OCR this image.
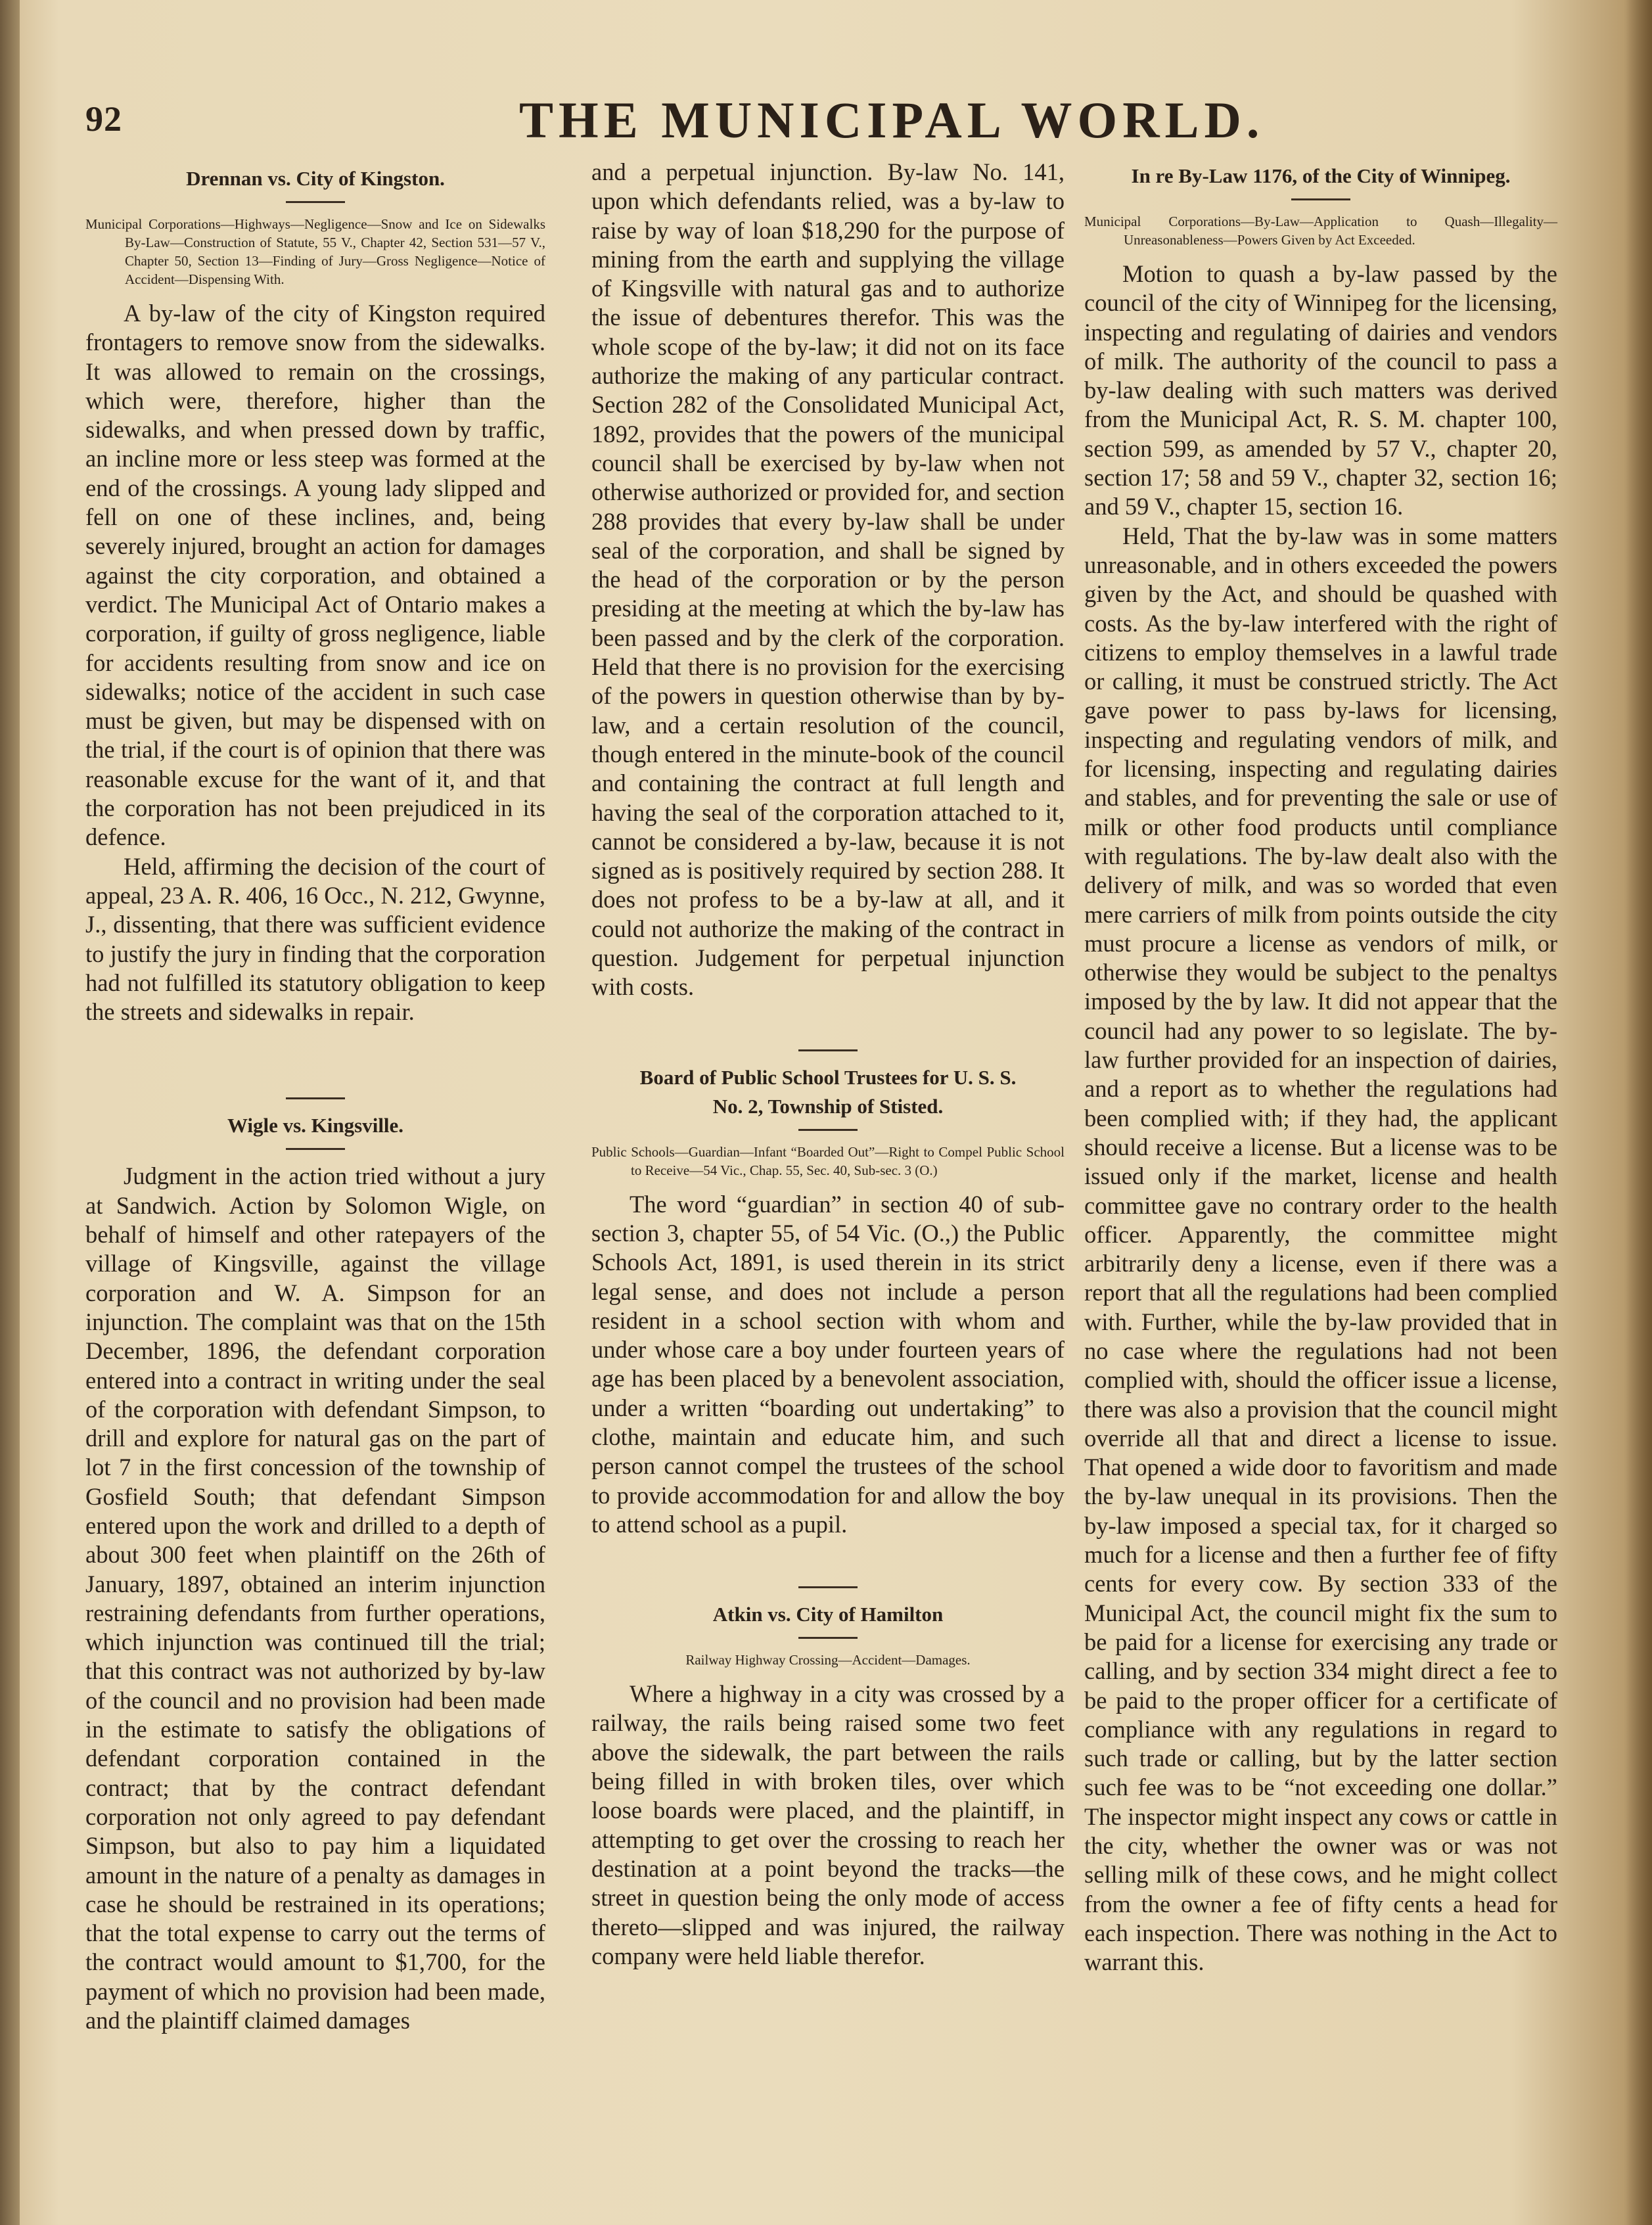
92	THE MUNICIPAL WORLD.
Drennan vs. City of Kingston.

Municipal Corporations—Highways—Negligence—Snow and Ice on Sidewalks By-Law—Construction of Statute, 55 V., Chapter 42, Section 531—57 V., Chapter 50, Section 13—Finding of Jury—Gross Negligence—Notice of Accident—Dispensing With.

A by-law of the city of Kingston required frontagers to remove snow from the sidewalks. It was allowed to remain on the crossings, which were, therefore, higher than the sidewalks, and when pressed down by traffic, an incline more or less steep was formed at the end of the crossings. A young lady slipped and fell on one of these inclines, and, being severely injured, brought an action for damages against the city corporation, and obtained a verdict. The Municipal Act of Ontario makes a corporation, if guilty of gross negligence, liable for accidents resulting from snow and ice on sidewalks; notice of the accident in such case must be given, but may be dispensed with on the trial, if the court is of opinion that there was reasonable excuse for the want of it, and that the corporation has not been prejudiced in its defence.

Held, affirming the decision of the court of appeal, 23 A. R. 406, 16 Occ., N. 212, Gwynne, J., dissenting, that there was sufficient evidence to justify the jury in finding that the corporation had not fulfilled its statutory obligation to keep the streets and sidewalks in repair.

Wigle vs. Kingsville.

Judgment in the action tried without a jury at Sandwich. Action by Solomon Wigle, on behalf of himself and other ratepayers of the village of Kingsville, against the village corporation and W. A. Simpson for an injunction. The complaint was that on the 15th December, 1896, the defendant corporation entered into a contract in writing under the seal of the corporation with defendant Simpson, to drill and explore for natural gas on the part of lot 7 in the first concession of the township of Gosfield South; that defendant Simpson entered upon the work and drilled to a depth of about 300 feet when plaintiff on the 26th of January, 1897, obtained an interim injunction restraining defendants from further operations, which injunction was continued till the trial; that this contract was not authorized by by-law of the council and no provision had been made in the estimate to satisfy the obligations of defendant corporation contained in the contract; that by the contract defendant corporation not only agreed to pay defendant Simpson, but also to pay him a liquidated amount in the nature of a penalty as damages in case he should be restrained in its operations; that the total expense to carry out the terms of the contract would amount to $1,700, for the payment of which no provision had been made, and the plaintiff claimed damages

and a perpetual injunction. By-law No. 141, upon which defendants relied, was a by-law to raise by way of loan $18,290 for the purpose of mining from the earth and supplying the village of Kingsville with natural gas and to authorize the issue of debentures therefor. This was the whole scope of the by-law; it did not on its face authorize the making of any particular contract. Section 282 of the Consolidated Municipal Act, 1892, provides that the powers of the municipal council shall be exercised by by-law when not otherwise authorized or provided for, and section 288 provides that every by-law shall be under seal of the corporation, and shall be signed by the head of the corporation or by the person presiding at the meeting at which the by-law has been passed and by the clerk of the corporation. Held that there is no provision for the exercising of the powers in question otherwise than by by-law, and a certain resolution of the council, though entered in the minute-book of the council and containing the contract at full length and having the seal of the corporation attached to it, cannot be considered a by-law, because it is not signed as is positively required by section 288. It does not profess to be a by-law at all, and it could not authorize the making of the contract in question. Judgement for perpetual injunction with costs.

Board of Public School Trustees for U. S. S.
No. 2, Township of Stisted.

Public Schools—Guardian—Infant “Boarded Out”—Right to Compel Public School to Receive—54 Vic., Chap. 55, Sec. 40, Sub-sec. 3 (O.)

The word “guardian” in section 40 of sub-section 3, chapter 55, of 54 Vic. (O.,) the Public Schools Act, 1891, is used therein in its strict legal sense, and does not include a person resident in a school section with whom and under whose care a boy under fourteen years of age has been placed by a benevolent association, under a written “boarding out undertaking” to clothe, maintain and educate him, and such person cannot compel the trustees of the school to provide accommodation for and allow the boy to attend school as a pupil.

Atkin vs. City of Hamilton

Railway Highway Crossing—Accident—Damages.

Where a highway in a city was crossed by a railway, the rails being raised some two feet above the sidewalk, the part between the rails being filled in with broken tiles, over which loose boards were placed, and the plaintiff, in attempting to get over the crossing to reach her destination at a point beyond the tracks—the street in question being the only mode of access thereto—slipped and was injured, the railway company were held liable therefor.

In re By-Law 1176, of the City of Winnipeg.

Municipal Corporations—By-Law—Application to Quash—Illegality—Unreasonableness—Powers Given by Act Exceeded.

Motion to quash a by-law passed by the council of the city of Winnipeg for the licensing, inspecting and regulating of dairies and vendors of milk. The authority of the council to pass a by-law dealing with such matters was derived from the Municipal Act, R. S. M. chapter 100, section 599, as amended by 57 V., chapter 20, section 17; 58 and 59 V., chapter 32, section 16; and 59 V., chapter 15, section 16.

Held, That the by-law was in some matters unreasonable, and in others exceeded the powers given by the Act, and should be quashed with costs. As the by-law interfered with the right of citizens to employ themselves in a lawful trade or calling, it must be construed strictly. The Act gave power to pass by-laws for licensing, inspecting and regulating vendors of milk, and for licensing, inspecting and regulating dairies and stables, and for preventing the sale or use of milk or other food products until compliance with regulations. The by-law dealt also with the delivery of milk, and was so worded that even mere carriers of milk from points outside the city must procure a license as vendors of milk, or otherwise they would be subject to the penaltys imposed by the by law. It did not appear that the council had any power to so legislate. The by-law further provided for an inspection of dairies, and a report as to whether the regulations had been complied with; if they had, the applicant should receive a license. But a license was to be issued only if the market, license and health committee gave no contrary order to the health officer. Apparently, the committee might arbitrarily deny a license, even if there was a report that all the regulations had been complied with. Further, while the by-law provided that in no case where the regulations had not been complied with, should the officer issue a license, there was also a provision that the council might override all that and direct a license to issue. That opened a wide door to favoritism and made the by-law unequal in its provisions. Then the by-law imposed a special tax, for it charged so much for a license and then a further fee of fifty cents for every cow. By section 333 of the Municipal Act, the council might fix the sum to be paid for a license for exercising any trade or calling, and by section 334 might direct a fee to be paid to the proper officer for a certificate of compliance with any regulations in regard to such trade or calling, but by the latter section such fee was to be “not exceeding one dollar.” The inspector might inspect any cows or cattle in the city, whether the owner was or was not selling milk of these cows, and he might collect from the owner a fee of fifty cents a head for each inspection. There was nothing in the Act to warrant this.
